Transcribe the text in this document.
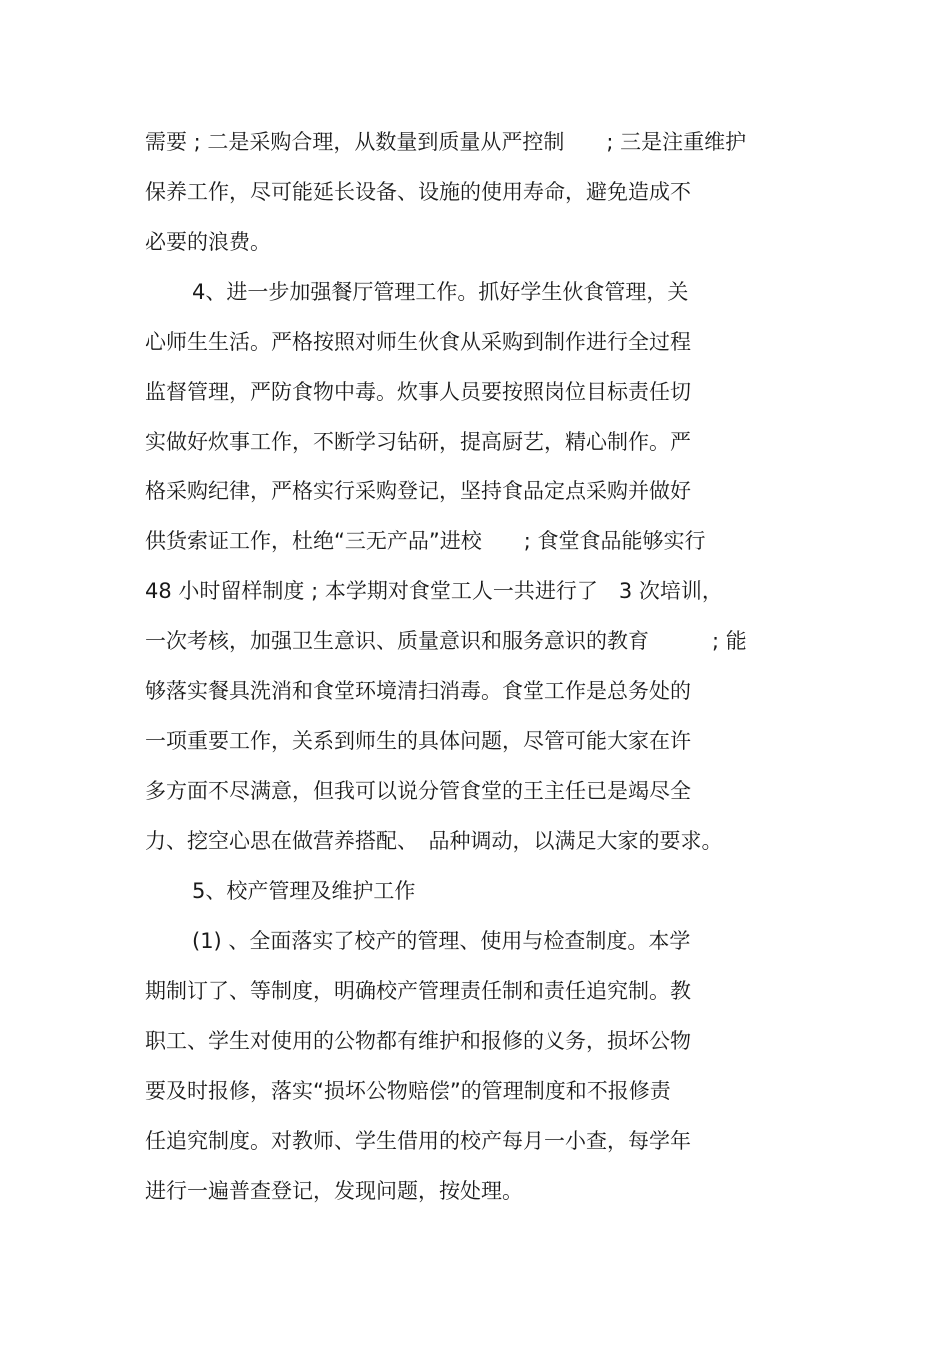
需要 ; 二是采购合理，从数量到质量从严控制　　; 三是注重维护
保养工作，尽可能延长设备、设施的使用寿命，避免造成不
必要的浪费。
4、进一步加强餐厅管理工作。抓好学生伙食管理，关
心师生生活。严格按照对师生伙食从采购到制作进行全过程
监督管理，严防食物中毒。炊事人员要按照岗位目标责任切
实做好炊事工作，不断学习钻研，提高厨艺，精心制作。严
格采购纪律，严格实行采购登记，坚持食品定点采购并做好
供货索证工作，杜绝“三无产品”进校　　; 食堂食品能够实行
48 小时留样制度 ; 本学期对食堂工人一共进行了　3 次培训，
一次考核，加强卫生意识、质量意识和服务意识的教育　　　; 能
够落实餐具洗消和食堂环境清扫消毒。食堂工作是总务处的
一项重要工作，关系到师生的具体问题，尽管可能大家在许
多方面不尽满意，但我可以说分管食堂的王主任已是竭尽全
力、挖空心思在做营养搭配、　品种调动，以满足大家的要求。
5、校产管理及维护工作
(1) 、全面落实了校产的管理、使用与检查制度。本学
期制订了、等制度，明确校产管理责任制和责任追究制。教
职工、学生对使用的公物都有维护和报修的义务，损坏公物
要及时报修，落实“损坏公物赔偿”的管理制度和不报修责
任追究制度。对教师、学生借用的校产每月一小查，每学年
进行一遍普查登记，发现问题，按处理。
